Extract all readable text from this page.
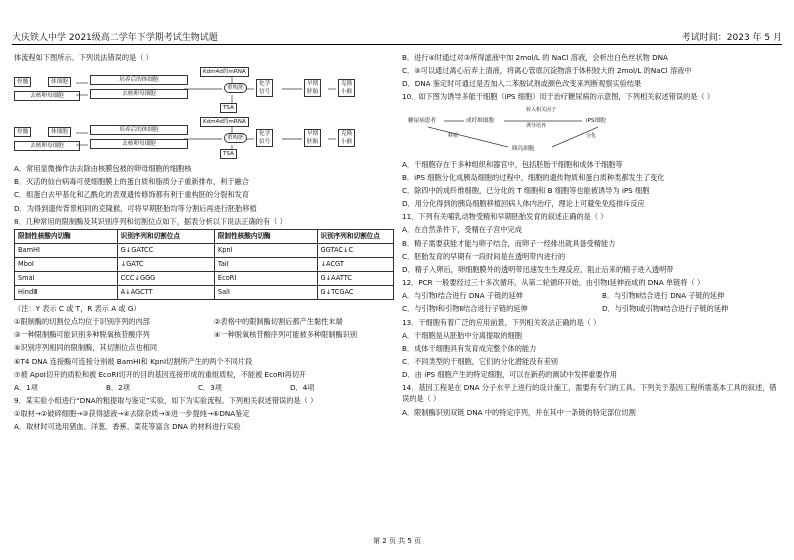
大庆铁人中学 2021级高二学年下学期考试生物试题	考试时间：2023 年 5 月

体流程如下图所示。下列说法错误的是（ ）

骨髓	体细胞
去核卵母细胞
培养后的体细胞
去核卵母细胞
Kdm4d的mRNA
重构胚
化学
信号
早期
胚胎
克隆
小猴
TSA
骨髓	体细胞
去核卵母细胞
培养后的体细胞
去核卵母细胞
Kdm4d的mRNA
重构胚
化学
信号
早期
胚胎
克隆
小猴
TSA

A．常用显微操作法去除由核膜包被的卵母细胞的细胞核

B．灭活的仙台病毒可使细胞膜上的蛋白质和脂质分子重新排布，利于融合

C．组蛋白去甲基化和乙酰化的表观遗传修饰都有利于重构胚的分裂和发育

D．为得到遗传背景相同的克隆猴，可将早期胚胎均等分割后再进行胚胎移植

8．几种常用的限制酶及其识别序列和切割位点如下，据表分析以下说法正确的有（ ）

限制性核酸内切酶	识别序列和切割位点	限制性核酸内切酶	识别序列和切割位点
BamHⅠ	G↓GATCC	KpnⅠ	GGTAC↓C
MboⅠ	↓GATC	TaiⅠ	↓ACGT
SmaⅠ	CCC↓GGG	EcoRⅠ	G↓AATTC
HindⅢ	A↓AGCTT	SalⅠ	G↓TCGAC

（注：Y 表示 C 或 T，R 表示 A 或 G）

①限制酶的切割位点均位于识别序列的内部	②表格中的限制酶切割后都产生黏性末端

③一种限制酶可能识别多种脱氧核苷酸序列	④一种脱氧核苷酸序列可能被多种限制酶识别

⑤识别序列相同的限制酶，其切割位点也相同

⑥T4 DNA 连接酶可连接分别被 BamHⅠ和 KpnⅠ切割所产生的两个不同片段

⑦被 ApoⅠ切开的质粒和被 EcoRⅠ切开的目的基因连接形成的重组质粒，不能被 EcoRⅠ再切开

A．1项	B．2项	C．3项	D．4项

9．某实验小组进行“DNA的粗提取与鉴定”实验，如下为实验流程。下列相关叙述错误的是（ ）

①取材→②破碎细胞→③获得滤液→④去除杂质→⑤进一步提纯→⑥DNA鉴定

A．取材时可选用猪血、洋葱、香蕉、菜花等富含 DNA 的材料进行实验

B．进行④时通过对③所得滤液中加 2mol/L 的 NaCl 溶液，会析出白色丝状物 DNA

C．⑤可以通过离心后弃上清液，将离心管底沉淀物溶于体积较大的 2mol/L 的NaCl 溶液中

D．DNA 鉴定时可通过是否加入二苯胺试剂或颜色改变来判断观察实验结果

10．如下图为诱导多能干细胞（iPS 细胞）用于治疗糖尿病的示意图，下列相关叙述错误的是（ ）

糖尿病患者	成纤维细胞
转入相关因子
诱导培养
iPS细胞
胰岛细胞
移植	分化

A．干细胞存在于多种组织和器官中，包括胚胎干细胞和成体干细胞等

B．iPS 细胞分化成胰岛细胞的过程中，细胞的遗传物质和蛋白质种类都发生了变化

C．除四中的成纤维细胞，已分化的 T 细胞和 B 细胞等也能被诱导为 iPS 细胞

D．用分化得到的胰岛细胞移植回病人体内治疗，理论上可避免免疫排斥反应

11．下列有关哺乳动物受精和早期胚胎发育的叙述正确的是（ ）

A．在自然条件下，受精在子宫中完成

B．精子需要获能才能与卵子结合，而卵子一经排出就具备受精能力

C．胚胎发育的早期有一段时间是在透明带内进行的

D．精子入卵后，卵细胞膜外的透明带迅速发生生理反应，阻止后来的精子进入透明带

12．PCR 一般要经过三十多次循环，从第二轮循环开始，由引物Ⅰ延伸而成的 DNA 单链将（ ）

A．与引物Ⅰ结合进行 DNA 子链的延伸	B．与引物Ⅱ结合进行 DNA 子链的延伸

C．与引物Ⅰ和引物Ⅱ结合进行子链的延伸	D．与引物Ⅰ或引物Ⅱ结合进行子链的延伸

13．干细胞有着广泛的应用前景，下列相关说法正确的是（ ）

A．干细胞是从胚胎中分离提取的细胞

B．成体干细胞具有发育成完整个体的能力

C．不同类型的干细胞，它们的分化潜能没有差别

D．由 iPS 细胞产生的特定细胞，可以在新药的测试中发挥重要作用

14．基因工程是在 DNA 分子水平上进行的设计施工，需要有专门的工具。下列关于基因工程所需基本工具的叙述，错误的是（ ）

A．限制酶识别双链 DNA 中的特定序列，并在其中一条链的特定部位切割

第 2 页 共 5 页
